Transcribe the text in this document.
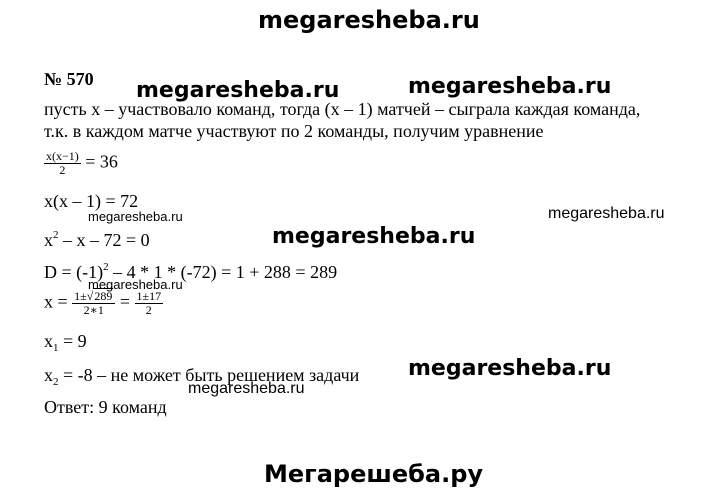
megaresheba.ru
№ 570 megaresheba.ru	megaresheba.ru
пусть х – участвовало команд, тогда (х – 1) матчей – сыграла каждая команда,
т.к. в каждом матче участвуют по 2 команды, получим уравнение
$\frac{x(x-1)}{2} = 36$
x(x – 1) = 72
megaresheba.ru	megaresheba.ru
$x^2 - x - 72 = 0$	megaresheba.ru
$D = (-1)^2 - 4 * 1 * (-72) = 1 + 288 = 289$
megaresheba.ru
$x = \frac{1\pm√289}{2∗1} = \frac{1\pm 17}{2}$
$x_1 = 9$
$x_2 = -8$ – не может быть решением задачи megaresheba.ru
megaresheba.ru
Ответ: 9 команд
Мегарешеба.ру
